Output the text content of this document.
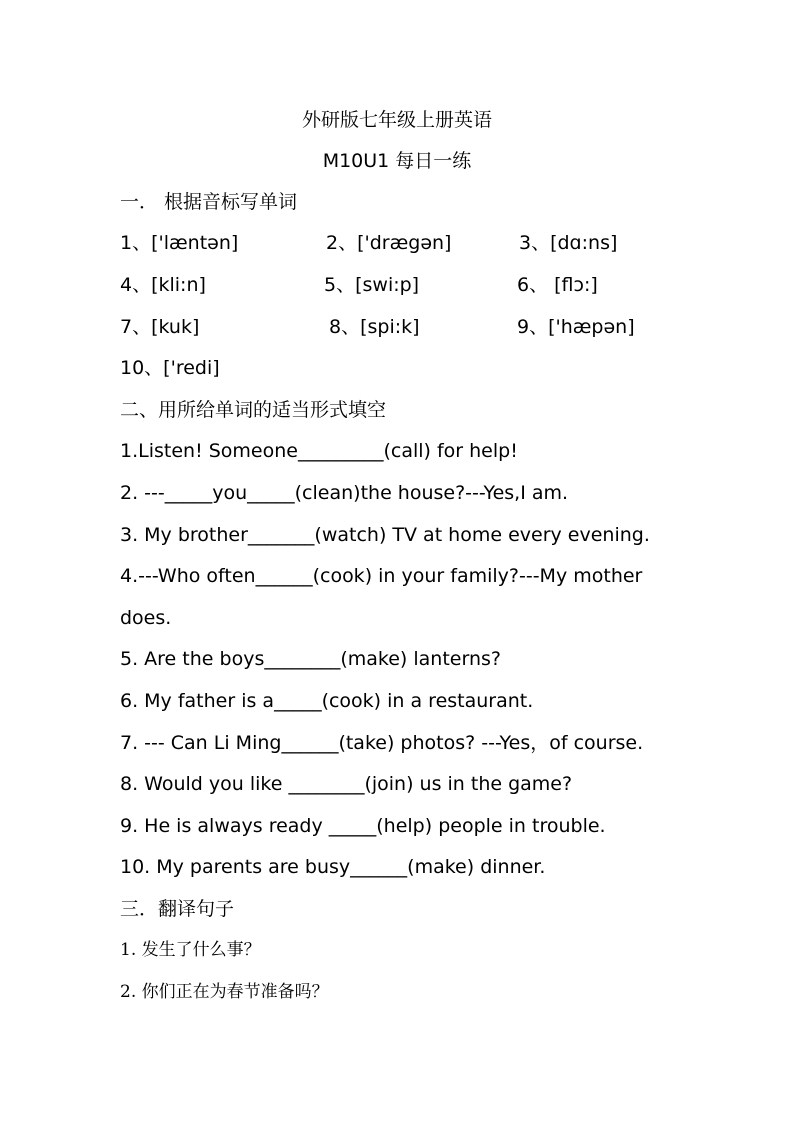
外研版七年级上册英语
M10U1 每日一练
一． 根据音标写单词
1、['læntən]	2、['drægən]	3、[dɑ:ns]
4、[kli:n]	5、[swi:p]	6、 [flɔ:]
7、[kuk]	8、[spi:k]	9、['hæpən]
10、['redi]
二、用所给单词的适当形式填空
1.Listen! Someone_________(call) for help!
2. ---_____you_____(clean)the house?---Yes,I am.
3. My brother_______(watch) TV at home every evening.
4.---Who often______(cook) in your family?---My mother
does.
5. Are the boys________(make) lanterns?
6. My father is a_____(cook) in a restaurant.
7. --- Can Li Ming______(take) photos? ---Yes，of course.
8. Would you like ________(join) us in the game?
9. He is always ready _____(help) people in trouble.
10. My parents are busy______(make) dinner.
三．翻译句子
1. 发生了什么事？
2. 你们正在为春节准备吗？
